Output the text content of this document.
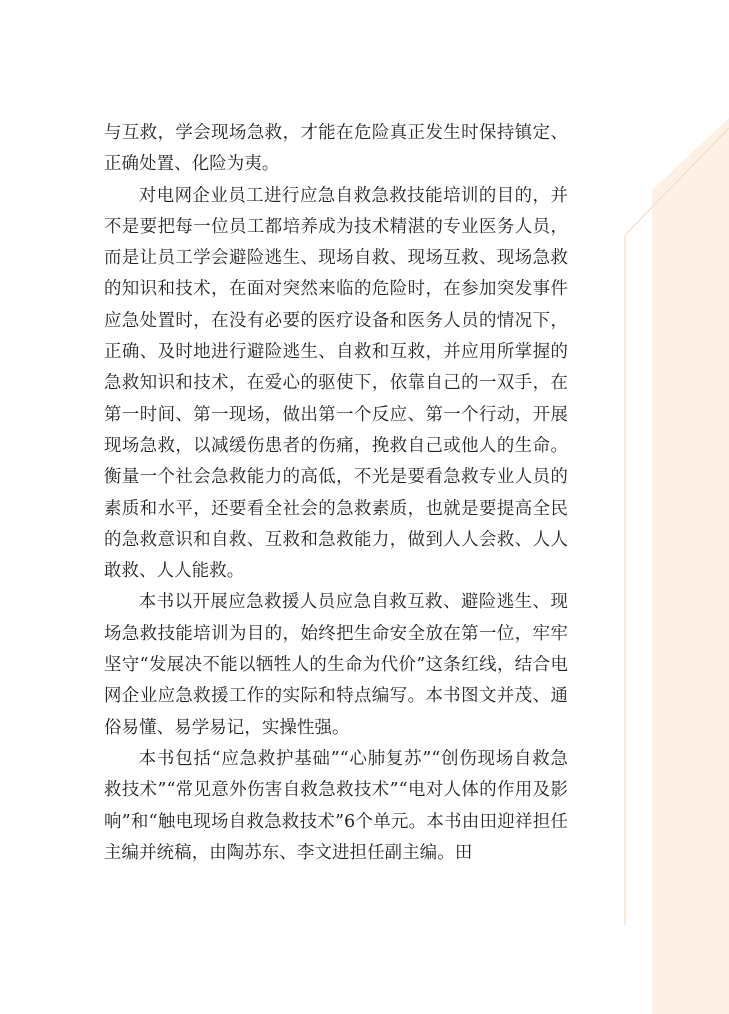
与互救，学会现场急救，才能在危险真正发生时保持镇定、正确处置、化险为夷。

对电网企业员工进行应急自救急救技能培训的目的，并不是要把每一位员工都培养成为技术精湛的专业医务人员，而是让员工学会避险逃生、现场自救、现场互救、现场急救的知识和技术，在面对突然来临的危险时，在参加突发事件应急处置时，在没有必要的医疗设备和医务人员的情况下，正确、及时地进行避险逃生、自救和互救，并应用所掌握的急救知识和技术，在爱心的驱使下，依靠自己的一双手，在第一时间、第一现场，做出第一个反应、第一个行动，开展现场急救，以减缓伤患者的伤痛，挽救自己或他人的生命。衡量一个社会急救能力的高低，不光是要看急救专业人员的素质和水平，还要看全社会的急救素质，也就是要提高全民的急救意识和自救、互救和急救能力，做到人人会救、人人敢救、人人能救。

本书以开展应急救援人员应急自救互救、避险逃生、现场急救技能培训为目的，始终把生命安全放在第一位，牢牢坚守“发展决不能以牺牲人的生命为代价”这条红线，结合电网企业应急救援工作的实际和特点编写。本书图文并茂、通俗易懂、易学易记，实操性强。

本书包括“应急救护基础”“心肺复苏”“创伤现场自救急救技术”“常见意外伤害自救急救技术”“电对人体的作用及影响”和“触电现场自救急救技术”6个单元。本书由田迎祥担任主编并统稿，由陶苏东、李文进担任副主编。田
